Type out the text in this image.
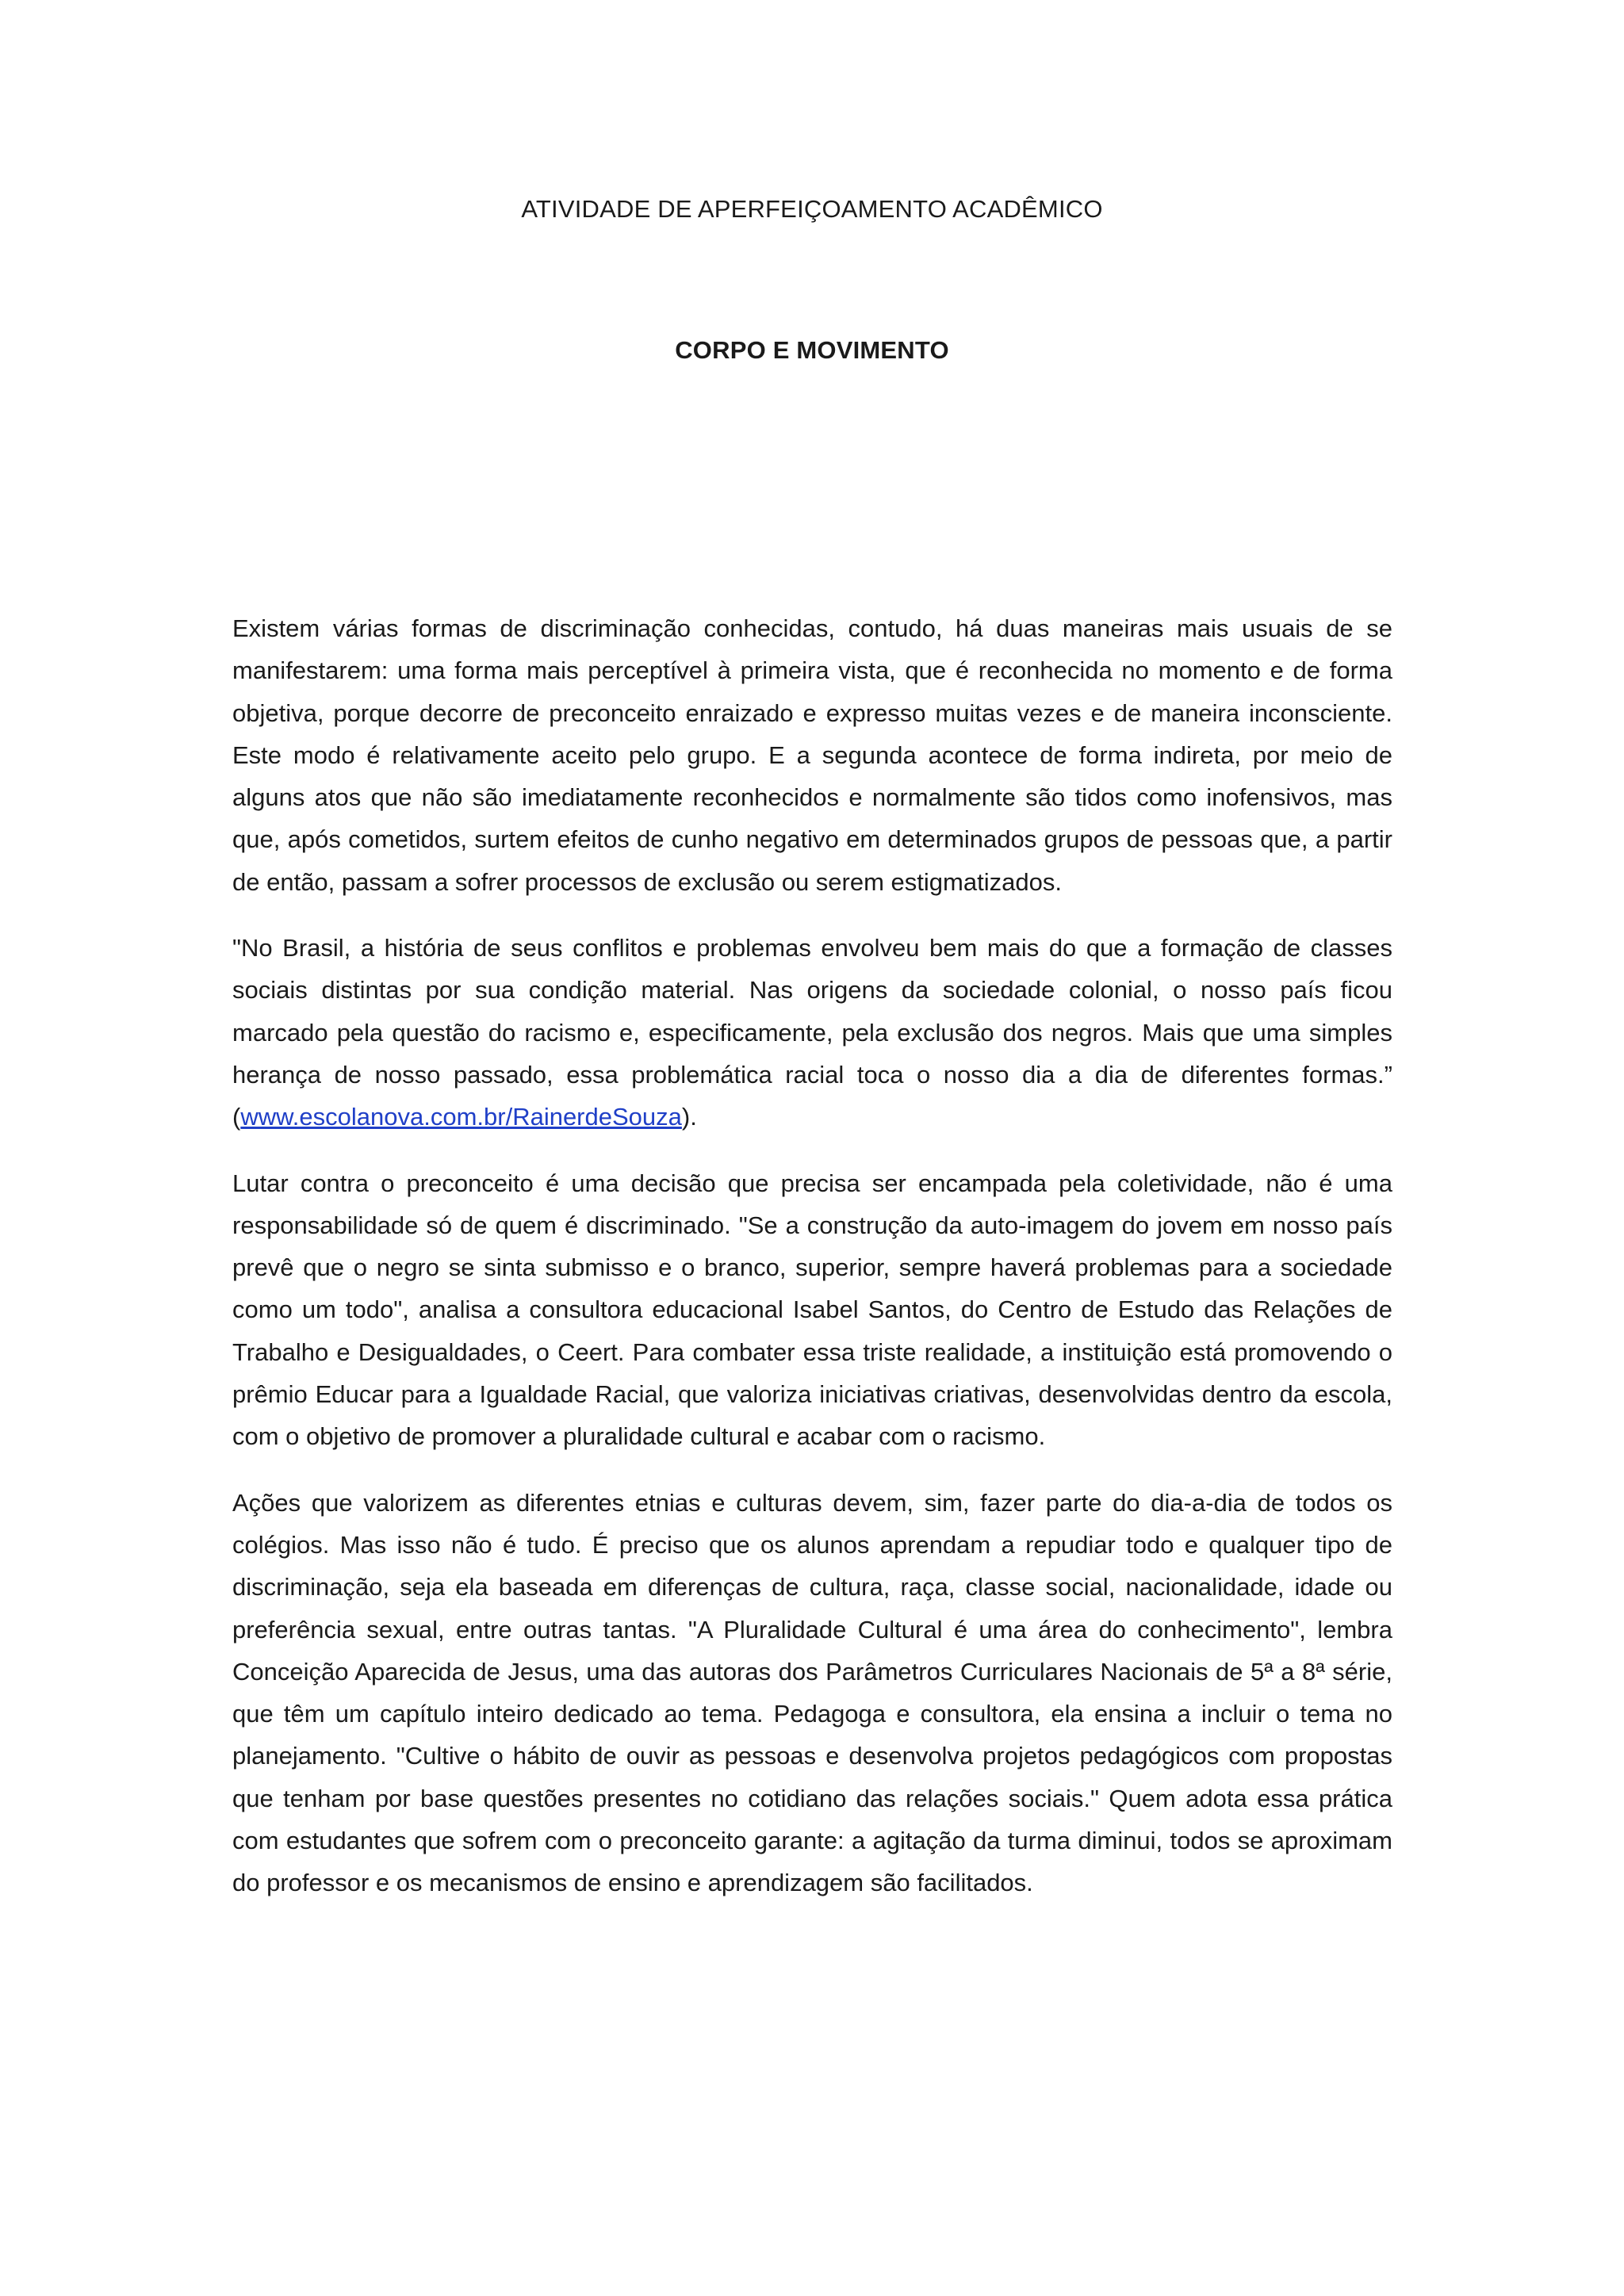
ATIVIDADE DE APERFEIÇOAMENTO ACADÊMICO
CORPO E MOVIMENTO

Existem várias formas de discriminação conhecidas, contudo, há duas maneiras mais usuais de se manifestarem: uma forma mais perceptível à primeira vista, que é reconhecida no momento e de forma objetiva, porque decorre de preconceito enraizado e expresso muitas vezes e de maneira inconsciente. Este modo é relativamente aceito pelo grupo. E a segunda acontece de forma indireta, por meio de alguns atos que não são imediatamente reconhecidos e normalmente são tidos como inofensivos, mas que, após cometidos, surtem efeitos de cunho negativo em determinados grupos de pessoas que, a partir de então, passam a sofrer processos de exclusão ou serem estigmatizados.

"No Brasil, a história de seus conflitos e problemas envolveu bem mais do que a formação de classes sociais distintas por sua condição material. Nas origens da sociedade colonial, o nosso país ficou marcado pela questão do racismo e, especificamente, pela exclusão dos negros. Mais que uma simples herança de nosso passado, essa problemática racial toca o nosso dia a dia de diferentes formas.” (www.escolanova.com.br/RainerdeSouza).

Lutar contra o preconceito é uma decisão que precisa ser encampada pela coletividade, não é uma responsabilidade só de quem é discriminado. "Se a construção da auto-imagem do jovem em nosso país prevê que o negro se sinta submisso e o branco, superior, sempre haverá problemas para a sociedade como um todo", analisa a consultora educacional Isabel Santos, do Centro de Estudo das Relações de Trabalho e Desigualdades, o Ceert. Para combater essa triste realidade, a instituição está promovendo o prêmio Educar para a Igualdade Racial, que valoriza iniciativas criativas, desenvolvidas dentro da escola, com o objetivo de promover a pluralidade cultural e acabar com o racismo.

Ações que valorizem as diferentes etnias e culturas devem, sim, fazer parte do dia-a-dia de todos os colégios. Mas isso não é tudo. É preciso que os alunos aprendam a repudiar todo e qualquer tipo de discriminação, seja ela baseada em diferenças de cultura, raça, classe social, nacionalidade, idade ou preferência sexual, entre outras tantas. "A Pluralidade Cultural é uma área do conhecimento", lembra Conceição Aparecida de Jesus, uma das autoras dos Parâmetros Curriculares Nacionais de 5ª a 8ª série, que têm um capítulo inteiro dedicado ao tema. Pedagoga e consultora, ela ensina a incluir o tema no planejamento. "Cultive o hábito de ouvir as pessoas e desenvolva projetos pedagógicos com propostas que tenham por base questões presentes no cotidiano das relações sociais." Quem adota essa prática com estudantes que sofrem com o preconceito garante: a agitação da turma diminui, todos se aproximam do professor e os mecanismos de ensino e aprendizagem são facilitados.
